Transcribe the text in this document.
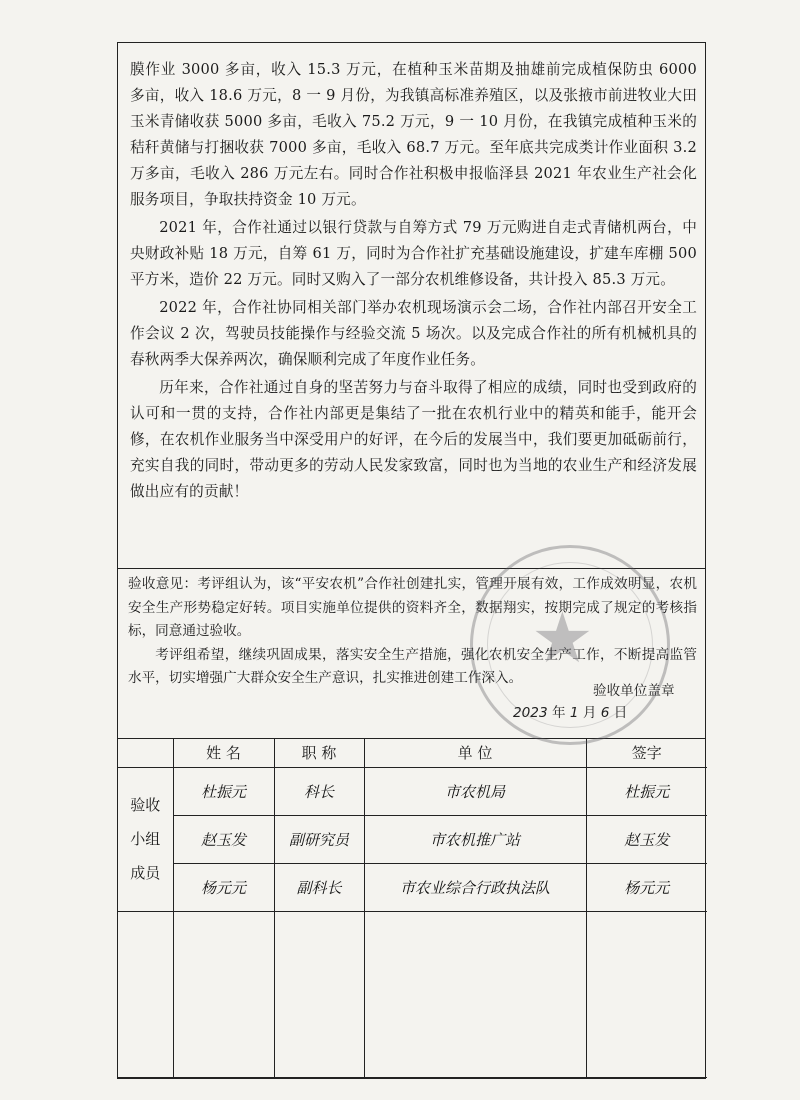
膜作业 3000 多亩，收入 15.3 万元，在植种玉米苗期及抽雄前完成植保防虫 6000 多亩，收入 18.6 万元，8 一 9 月份，为我镇高标准养殖区，以及张掖市前进牧业大田玉米青储收获 5000 多亩，毛收入 75.2 万元，9 一 10 月份，在我镇完成植种玉米的秸秆黄储与打捆收获 7000 多亩，毛收入 68.7 万元。至年底共完成类计作业面积 3.2 万多亩，毛收入 286 万元左右。同时合作社积极申报临泽县 2021 年农业生产社会化服务项目，争取扶持资金 10 万元。

2021 年，合作社通过以银行贷款与自筹方式 79 万元购进自走式青储机两台，中央财政补贴 18 万元，自筹 61 万，同时为合作社扩充基础设施建设，扩建车库棚 500 平方米，造价 22 万元。同时又购入了一部分农机维修设备，共计投入 85.3 万元。

2022 年，合作社协同相关部门举办农机现场演示会二场，合作社内部召开安全工作会议 2 次，驾驶员技能操作与经验交流 5 场次。以及完成合作社的所有机械机具的春秋两季大保养两次，确保顺利完成了年度作业任务。

历年来，合作社通过自身的坚苦努力与奋斗取得了相应的成绩，同时也受到政府的认可和一贯的支持，合作社内部更是集结了一批在农机行业中的精英和能手，能开会修，在农机作业服务当中深受用户的好评，在今后的发展当中，我们要更加砥砺前行，充实自我的同时，带动更多的劳动人民发家致富，同时也为当地的农业生产和经济发展做出应有的贡献！

验收意见：考评组认为，该“平安农机”合作社创建扎实，管理开展有效，工作成效明显，农机安全生产形势稳定好转。项目实施单位提供的资料齐全，数据翔实，按期完成了规定的考核指标，同意通过验收。

考评组希望，继续巩固成果，落实安全生产措施，强化农机安全生产工作，不断提高监管水平，切实增强广大群众安全生产意识，扎实推进创建工作深入。

验收单位盖章
2023 年 1 月 6 日
	姓 名	职 称	单 位	签字

验收
小组
成员	杜振元	科长	市农机局	杜振元
	赵玉发	副研究员	市农机推广站	赵玉发
	杨元元	副科长	市农业综合行政执法队	杨元元

★
